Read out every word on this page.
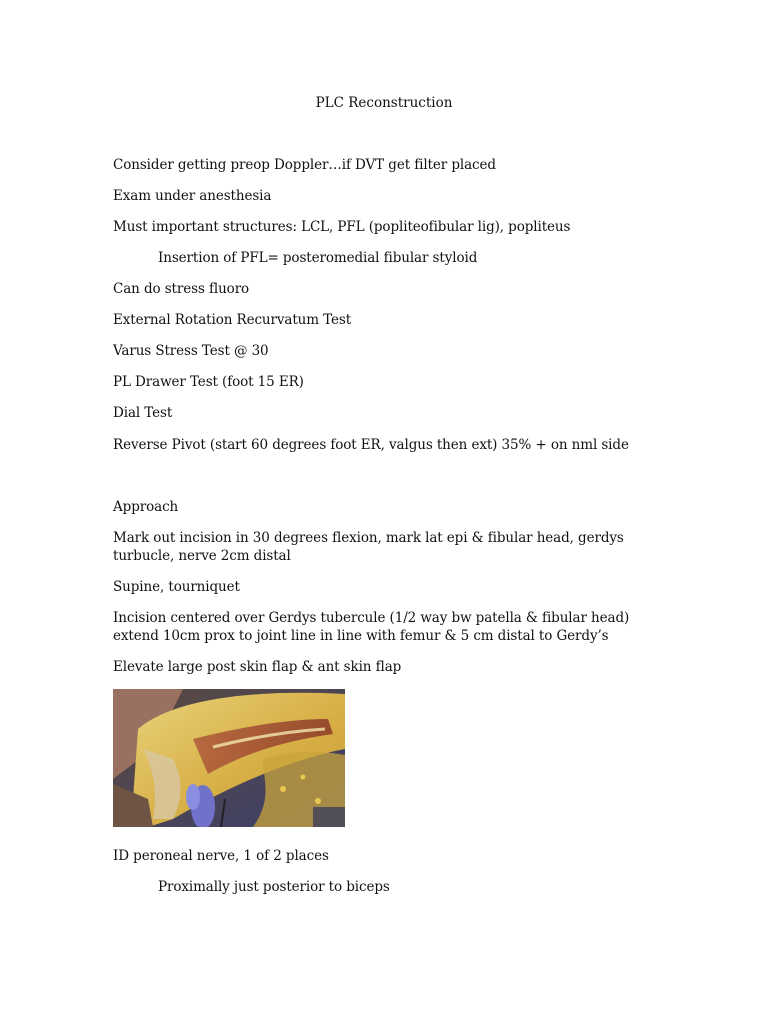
PLC Reconstruction
Consider getting preop Doppler…if DVT get filter placed
Exam under anesthesia
Must important structures: LCL, PFL (popliteofibular lig), popliteus
Insertion of PFL= posteromedial fibular styloid
Can do stress fluoro
External Rotation Recurvatum Test
Varus Stress Test @ 30
PL Drawer Test (foot 15 ER)
Dial Test
Reverse Pivot (start 60 degrees foot ER, valgus then ext) 35% + on nml side
Approach
Mark out incision in 30 degrees flexion, mark lat epi & fibular head, gerdys turbucle, nerve 2cm distal
Supine, tourniquet
Incision centered over Gerdys tubercule (1/2 way bw patella & fibular head) extend 10cm prox to joint line in line with femur & 5 cm distal to Gerdy’s
Elevate large post skin flap & ant skin flap
ID peroneal nerve, 1 of 2 places
Proximally just posterior to biceps
